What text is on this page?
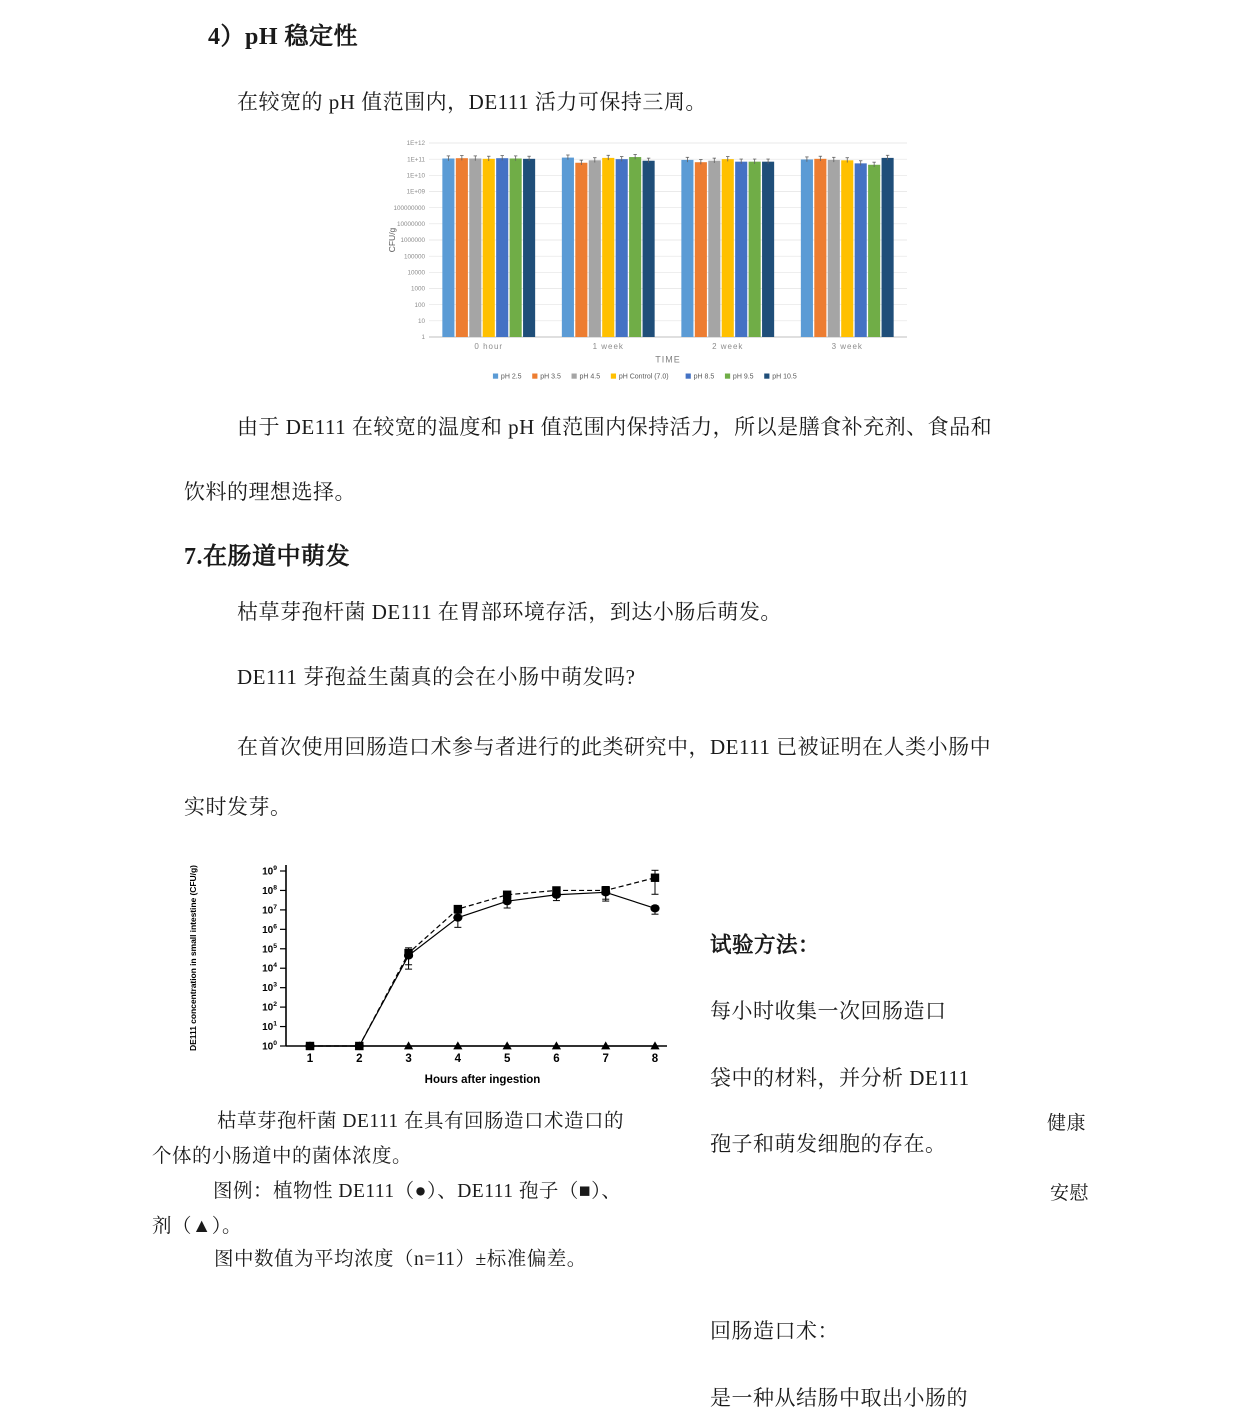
4）pH 稳定性
在较宽的 pH 值范围内，DE111 活力可保持三周。
1
10
100
1000
10000
100000
1000000
10000000
100000000
1E+09
1E+10
1E+11
1E+12
CFU/g
0 hour	1 week	2 week	3 week
TIME
pH 2.5	pH 3.5	pH 4.5	pH Control (7.0)	pH 8.5	pH 9.5	pH 10.5
由于 DE111 在较宽的温度和 pH 值范围内保持活力，所以是膳食补充剂、食品和
饮料的理想选择。
7.在肠道中萌发
枯草芽孢杆菌 DE111 在胃部环境存活，到达小肠后萌发。
DE111 芽孢益生菌真的会在小肠中萌发吗?
在首次使用回肠造口术参与者进行的此类研究中，DE111 已被证明在人类小肠中
实时发芽。
$10^0$
$10^1$
$10^2$
$10^3$
$10^4$
$10^5$
$10^6$
$10^7$
$10^8$
$10^9$
DE111 concentration in small intestine (CFU/g)
1	2	3	4	5	6	7	8
Hours after ingestion
枯草芽孢杆菌 DE111 在具有回肠造口术造口的
个体的小肠道中的菌体浓度。
图例：植物性 DE111（●）、DE111 孢子（■）、
剂（▲）。
图中数值为平均浓度（n=11）±标准偏差。
试验方法：
每小时收集一次回肠造口
袋中的材料，并分析 DE111
孢子和萌发细胞的存在。
健康
安慰
回肠造口术：
是一种从结肠中取出小肠的
